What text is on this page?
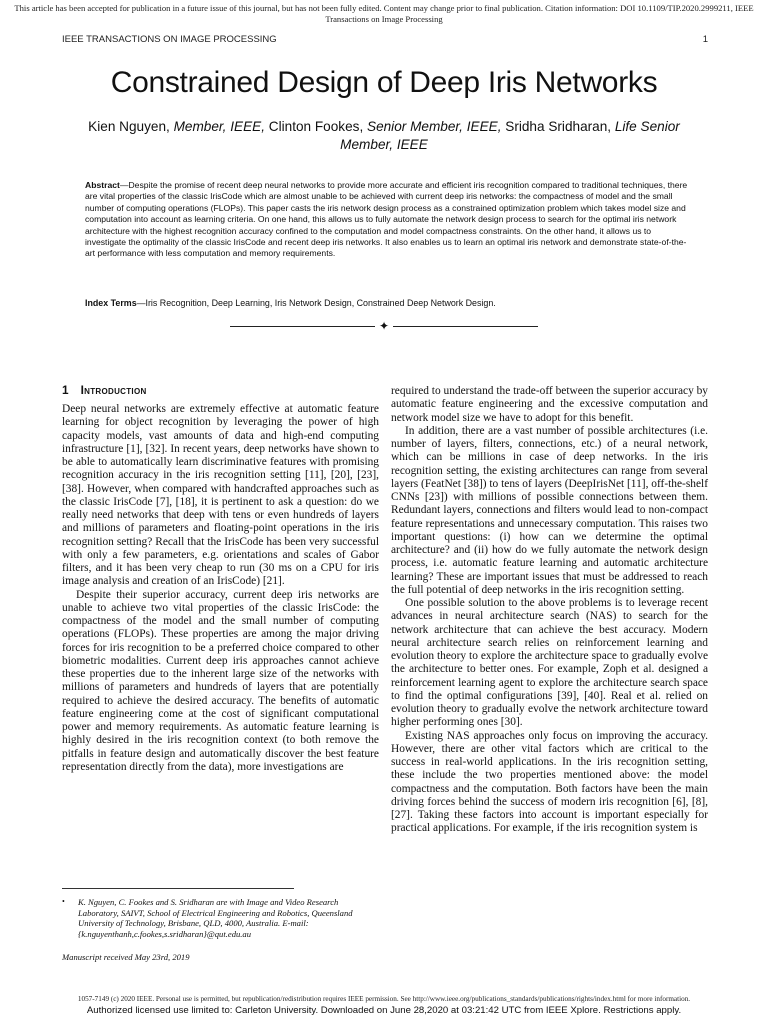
This article has been accepted for publication in a future issue of this journal, but has not been fully edited. Content may change prior to final publication. Citation information: DOI 10.1109/TIP.2020.2999211, IEEE
Transactions on Image Processing
IEEE TRANSACTIONS ON IMAGE PROCESSING	1
Constrained Design of Deep Iris Networks
Kien Nguyen, Member, IEEE, Clinton Fookes, Senior Member, IEEE, Sridha Sridharan, Life Senior Member, IEEE
Abstract—Despite the promise of recent deep neural networks to provide more accurate and efficient iris recognition compared to traditional techniques, there are vital properties of the classic IrisCode which are almost unable to be achieved with current deep iris networks: the compactness of model and the small number of computing operations (FLOPs). This paper casts the iris network design process as a constrained optimization problem which takes model size and computation into account as learning criteria. On one hand, this allows us to fully automate the network design process to search for the optimal iris network architecture with the highest recognition accuracy confined to the computation and model compactness constraints. On the other hand, it allows us to investigate the optimality of the classic IrisCode and recent deep iris networks. It also enables us to learn an optimal iris network and demonstrate state-of-the-art performance with less computation and memory requirements.
Index Terms—Iris Recognition, Deep Learning, Iris Network Design, Constrained Deep Network Design.
✦
1 Introduction

Deep neural networks are extremely effective at automatic feature learning for object recognition by leveraging the power of high capacity models, vast amounts of data and high-end computing infrastructure [1], [32]. In recent years, deep networks have shown to be able to automatically learn discriminative features with promising recognition accuracy in the iris recognition setting [11], [20], [23], [38]. However, when compared with handcrafted approaches such as the classic IrisCode [7], [18], it is pertinent to ask a question: do we really need networks that deep with tens or even hundreds of layers and millions of parameters and floating-point operations in the iris recognition setting? Recall that the IrisCode has been very successful with only a few parameters, e.g. orientations and scales of Gabor filters, and it has been very cheap to run (30 ms on a CPU for iris image analysis and creation of an IrisCode) [21].

Despite their superior accuracy, current deep iris networks are unable to achieve two vital properties of the classic IrisCode: the compactness of the model and the small number of computing operations (FLOPs). These properties are among the major driving forces for iris recognition to be a preferred choice compared to other biometric modalities. Current deep iris approaches cannot achieve these properties due to the inherent large size of the networks with millions of parameters and hundreds of layers that are potentially required to achieve the desired accuracy. The benefits of automatic feature engineering come at the cost of significant computational power and memory requirements. As automatic feature learning is highly desired in the iris recognition context (to both remove the pitfalls in feature design and automatically discover the best feature representation directly from the data), more investigations are

required to understand the trade-off between the superior accuracy by automatic feature engineering and the excessive computation and network model size we have to adopt for this benefit.

In addition, there are a vast number of possible architectures (i.e. number of layers, filters, connections, etc.) of a neural network, which can be millions in case of deep networks. In the iris recognition setting, the existing architectures can range from several layers (FeatNet [38]) to tens of layers (DeepIrisNet [11], off-the-shelf CNNs [23]) with millions of possible connections between them. Redundant layers, connections and filters would lead to non-compact feature representations and unnecessary computation. This raises two important questions: (i) how can we determine the optimal architecture? and (ii) how do we fully automate the network design process, i.e. automatic feature learning and automatic architecture learning? These are important issues that must be addressed to reach the full potential of deep networks in the iris recognition setting.

One possible solution to the above problems is to leverage recent advances in neural architecture search (NAS) to search for the network architecture that can achieve the best accuracy. Modern neural architecture search relies on reinforcement learning and evolution theory to explore the architecture space to gradually evolve the architecture to better ones. For example, Zoph et al. designed a reinforcement learning agent to explore the architecture search space to find the optimal configurations [39], [40]. Real et al. relied on evolution theory to gradually evolve the network architecture toward higher performing ones [30].

Existing NAS approaches only focus on improving the accuracy. However, there are other vital factors which are critical to the success in real-world applications. In the iris recognition setting, these include the two properties mentioned above: the model compactness and the computation. Both factors have been the main driving forces behind the success of modern iris recognition [6], [8], [27]. Taking these factors into account is important especially for practical applications. For example, if the iris recognition system is

• K. Nguyen, C. Fookes and S. Sridharan are with Image and Video Research Laboratory, SAIVT, School of Electrical Engineering and Robotics, Queensland University of Technology, Brisbane, QLD, 4000, Australia. E-mail: {k.nguyenthanh,c.fookes,s.sridharan}@qut.edu.au
Manuscript received May 23rd, 2019
1057-7149 (c) 2020 IEEE. Personal use is permitted, but republication/redistribution requires IEEE permission. See http://www.ieee.org/publications_standards/publications/rights/index.html for more information.
Authorized licensed use limited to: Carleton University. Downloaded on June 28,2020 at 03:21:42 UTC from IEEE Xplore. Restrictions apply.
